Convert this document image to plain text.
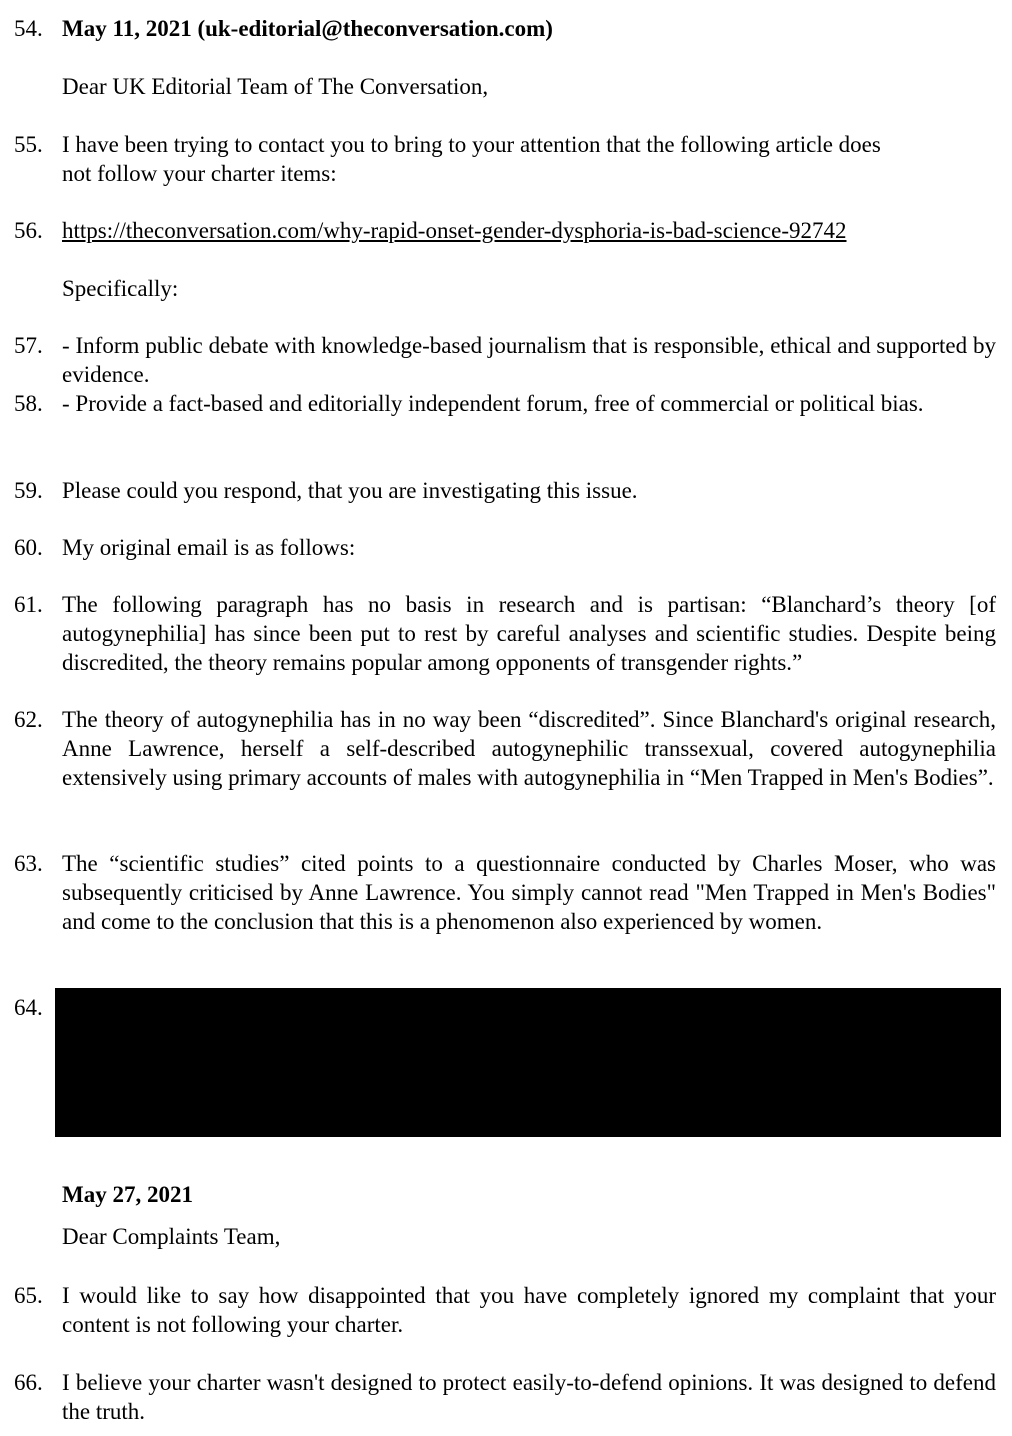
54. May 11, 2021 (uk-editorial@theconversation.com)
Dear UK Editorial Team of The Conversation,
55. I have been trying to contact you to bring to your attention that the following article does not follow your charter items:
56. https://theconversation.com/why-rapid-onset-gender-dysphoria-is-bad-science-92742
Specifically:
57. - Inform public debate with knowledge-based journalism that is responsible, ethical and supported by evidence.
58. - Provide a fact-based and editorially independent forum, free of commercial or political bias.
59. Please could you respond, that you are investigating this issue.
60. My original email is as follows:
61. The following paragraph has no basis in research and is partisan: “Blanchard’s theory [of autogynephilia] has since been put to rest by careful analyses and scientific studies. Despite being discredited, the theory remains popular among opponents of transgender rights.”
62. The theory of autogynephilia has in no way been “discredited”. Since Blanchard's original research, Anne Lawrence, herself a self-described autogynephilic transsexual, covered autogynephilia extensively using primary accounts of males with autogynephilia in “Men Trapped in Men's Bodies”.
63. The “scientific studies” cited points to a questionnaire conducted by Charles Moser, who was subsequently criticised by Anne Lawrence. You simply cannot read "Men Trapped in Men's Bodies" and come to the conclusion that this is a phenomenon also experienced by women.
64.
May 27, 2021
Dear Complaints Team,
65. I would like to say how disappointed that you have completely ignored my complaint that your content is not following your charter.
66. I believe your charter wasn't designed to protect easily-to-defend opinions. It was designed to defend the truth.
